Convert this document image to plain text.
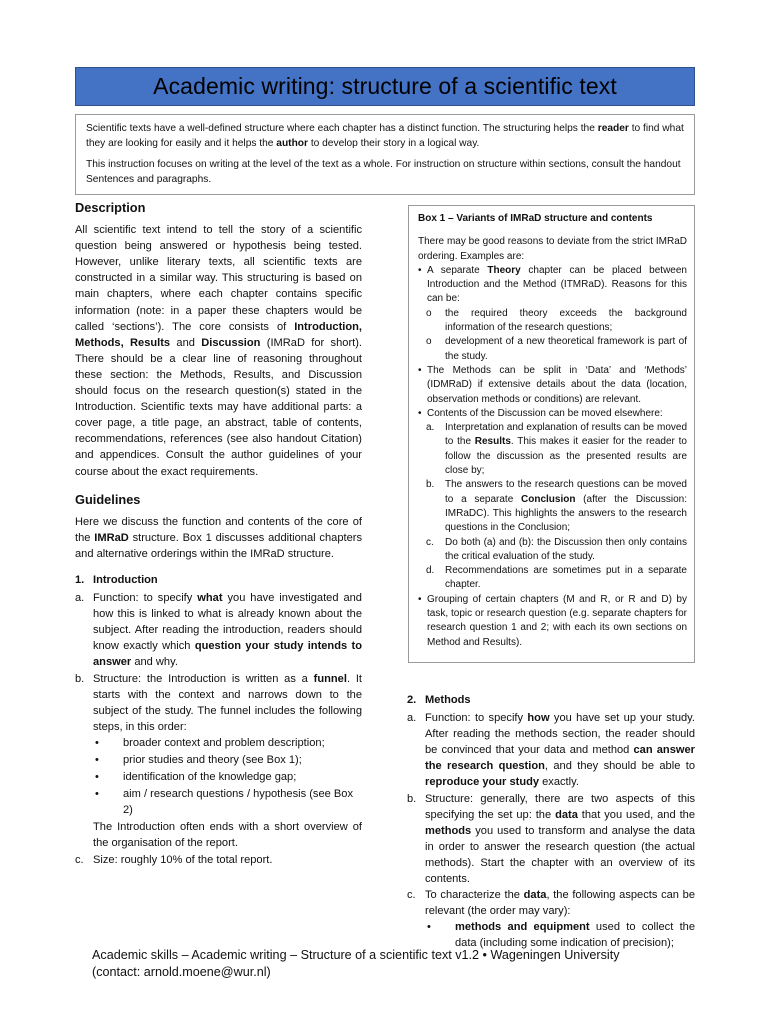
Academic writing: structure of a scientific text

Scientific texts have a well-defined structure where each chapter has a distinct function. The structuring helps the reader to find what they are looking for easily and it helps the author to develop their story in a logical way.

This instruction focuses on writing at the level of the text as a whole. For instruction on structure within sections, consult the handout Sentences and paragraphs.

Description

All scientific text intend to tell the story of a scientific question being answered or hypothesis being tested. However, unlike literary texts, all scientific texts are constructed in a similar way. This structuring is based on main chapters, where each chapter contains specific information (note: in a paper these chapters would be called ‘sections’). The core consists of Introduction, Methods, Results and Discussion (IMRaD for short). There should be a clear line of reasoning throughout these section: the Methods, Results, and Discussion should focus on the research question(s) stated in the Introduction. Scientific texts may have additional parts: a cover page, a title page, an abstract, table of contents, recommendations, references (see also handout Citation) and appendices. Consult the author guidelines of your course about the exact requirements.

Guidelines

Here we discuss the function and contents of the core of the IMRaD structure. Box 1 discusses additional chapters and alternative orderings within the IMRaD structure.

1. Introduction
a. Function: to specify what you have investigated and how this is linked to what is already known about the subject. After reading the introduction, readers should know exactly which question your study intends to answer and why.
b. Structure: the Introduction is written as a funnel. It starts with the context and narrows down to the subject of the study. The funnel includes the following steps, in this order:
•	broader context and problem description;
•	prior studies and theory (see Box 1);
•	identification of the knowledge gap;
•	aim / research questions / hypothesis (see Box 2)
The Introduction often ends with a short overview of the organisation of the report.
c. Size: roughly 10% of the total report.
Box 1 – Variants of IMRaD structure and contents
There may be good reasons to deviate from the strict IMRaD ordering. Examples are:
• A separate Theory chapter can be placed between Introduction and the Method (ITMRaD). Reasons for this can be:
o	the required theory exceeds the background information of the research questions;
o	development of a new theoretical framework is part of the study.
• The Methods can be split in ‘Data’ and ‘Methods’ (IDMRaD) if extensive details about the data (location, observation methods or conditions) are relevant.
• Contents of the Discussion can be moved elsewhere:
a.	Interpretation and explanation of results can be moved to the Results. This makes it easier for the reader to follow the discussion as the presented results are close by;
b.	The answers to the research questions can be moved to a separate Conclusion (after the Discussion: IMRaDC). This highlights the answers to the research questions in the Conclusion;
c.	Do both (a) and (b): the Discussion then only contains the critical evaluation of the study.
d.	Recommendations are sometimes put in a separate chapter.
• Grouping of certain chapters (M and R, or R and D) by task, topic or research question (e.g. separate chapters for research question 1 and 2; with each its own sections on Method and Results).
2. Methods
a. Function: to specify how you have set up your study. After reading the methods section, the reader should be convinced that your data and method can answer the research question, and they should be able to reproduce your study exactly.
b. Structure: generally, there are two aspects of this specifying the set up: the data that you used, and the methods you used to transform and analyse the data in order to answer the research question (the actual methods). Start the chapter with an overview of its contents.
c. To characterize the data, the following aspects can be relevant (the order may vary):
•	methods and equipment used to collect the data (including some indication of precision);
Academic skills – Academic writing – Structure of a scientific text v1.2 • Wageningen University
(contact: arnold.moene@wur.nl)
